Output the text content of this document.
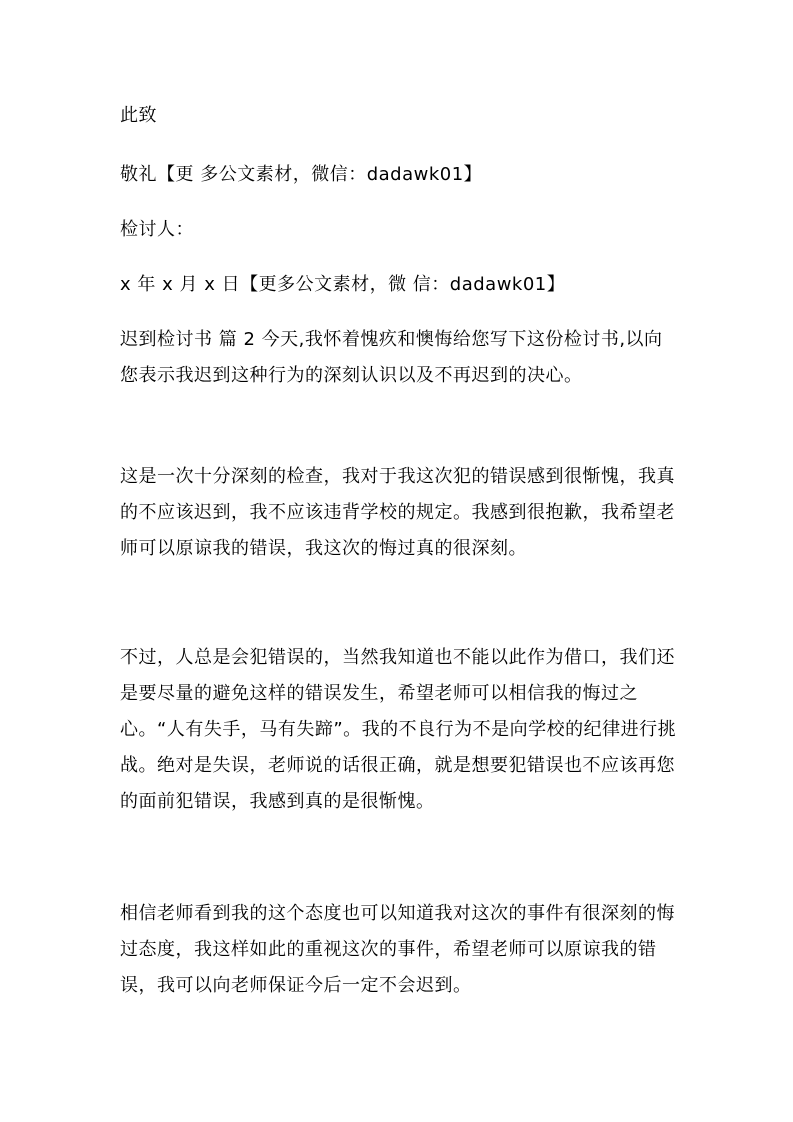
此致

敬礼【更 多公文素材，微信：dadawk01】

检讨人：

x 年 x 月 x 日【更多公文素材，微 信：dadawk01】

迟到检讨书 篇 2 今天,我怀着愧疚和懊悔给您写下这份检讨书,以向您表示我迟到这种行为的深刻认识以及不再迟到的决心。

这是一次十分深刻的检查，我对于我这次犯的错误感到很惭愧，我真的不应该迟到，我不应该违背学校的规定。我感到很抱歉，我希望老师可以原谅我的错误，我这次的悔过真的很深刻。

不过，人总是会犯错误的，当然我知道也不能以此作为借口，我们还是要尽量的避免这样的错误发生，希望老师可以相信我的悔过之心。“人有失手，马有失蹄”。我的不良行为不是向学校的纪律进行挑战。绝对是失误，老师说的话很正确，就是想要犯错误也不应该再您的面前犯错误，我感到真的是很惭愧。

相信老师看到我的这个态度也可以知道我对这次的事件有很深刻的悔过态度，我这样如此的重视这次的事件，希望老师可以原谅我的错误，我可以向老师保证今后一定不会迟到。
